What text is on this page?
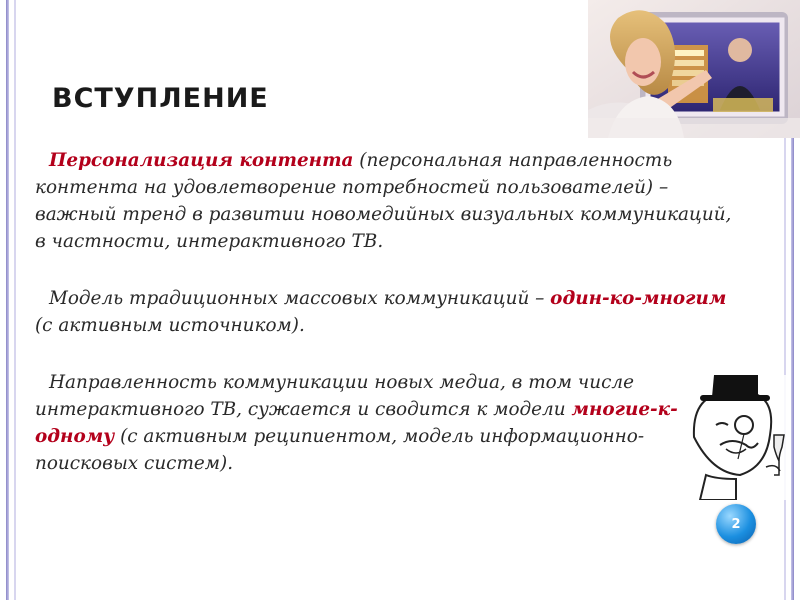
ВСТУПЛЕНИЕ

Персонализация контента (персональная направленность контента на удовлетворение потребностей пользователей) – важный тренд в развитии новомедийных визуальных коммуникаций, в частности, интерактивного ТВ.

Модель традиционных массовых коммуникаций – один-ко-многим (с активным источником).

Направленность коммуникации новых медиа, в том числе интерактивного ТВ, сужается и сводится к модели многие-к-одному (с активным реципиентом, модель информационно-поисковых систем).

2
